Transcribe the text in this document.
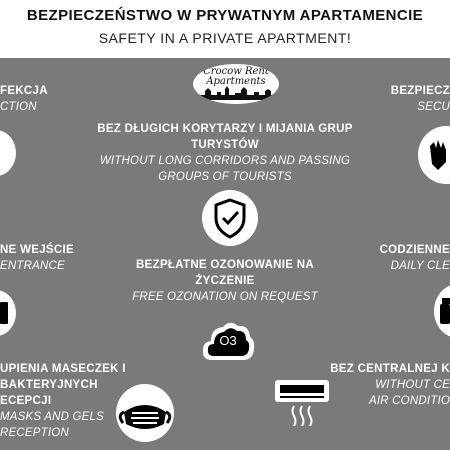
BEZPIECZEŃSTWO W PRYWATNYM APARTAMENCIE
SAFETY IN A PRIVATE APARTMENT!
Crocow Rent
Apartments
FEKCJA
CTION
NE WEJŚCIE
ENTRANCE
UPIENIA MASECZEK I
BAKTERYJNYCH
ECEPCJI
MASKS AND GELS
RECEPTION
BEZPIECZ
SECU
CODZIENNE
DAILY CLE
BEZ CENTRALNEJ K
WITHOUT CE
AIR CONDITIO
BEZ DŁUGICH KORYTARZY I MIJANIA GRUP
TURYSTÓW
WITHOUT LONG CORRIDORS AND PASSING
GROUPS OF TOURISTS
BEZPŁATNE OZONOWANIE NA
ŻYCZENIE
FREE OZONATION ON REQUEST
O3
